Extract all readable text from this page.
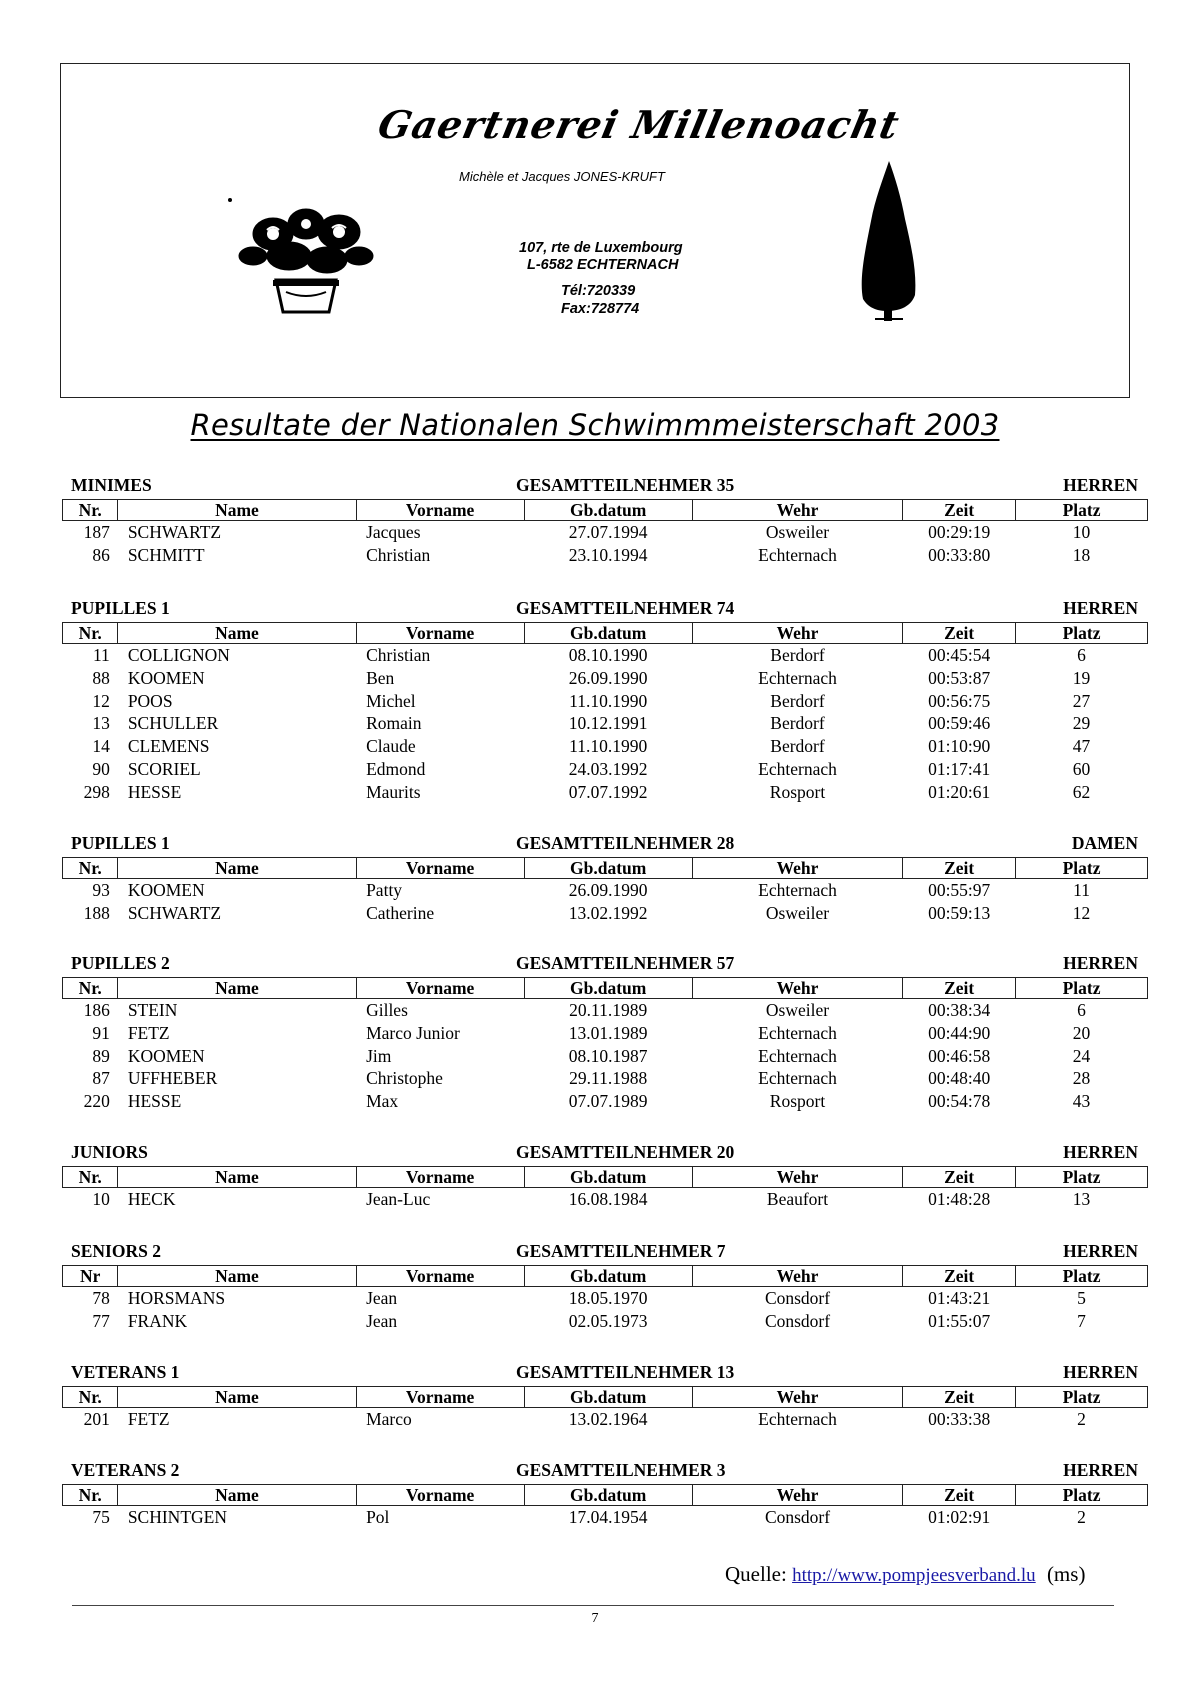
Gaertnerei Millenoacht
Michèle et Jacques JONES-KRUFT
107, rte de Luxembourg
L-6582 ECHTERNACH
Tél:720339
Fax:728774
Resultate der Nationalen Schwimmmeisterschaft 2003
MINIMES	GESAMTTEILNEHMER 35	HERREN
Nr.	Name	Vorname	Gb.datum	Wehr	Zeit	Platz
187	SCHWARTZ	Jacques	27.07.1994	Osweiler	00:29:19	10
86	SCHMITT	Christian	23.10.1994	Echternach	00:33:80	18
PUPILLES 1	GESAMTTEILNEHMER 74	HERREN
Nr.	Name	Vorname	Gb.datum	Wehr	Zeit	Platz
11	COLLIGNON	Christian	08.10.1990	Berdorf	00:45:54	6
88	KOOMEN	Ben	26.09.1990	Echternach	00:53:87	19
12	POOS	Michel	11.10.1990	Berdorf	00:56:75	27
13	SCHULLER	Romain	10.12.1991	Berdorf	00:59:46	29
14	CLEMENS	Claude	11.10.1990	Berdorf	01:10:90	47
90	SCORIEL	Edmond	24.03.1992	Echternach	01:17:41	60
298	HESSE	Maurits	07.07.1992	Rosport	01:20:61	62
PUPILLES 1	GESAMTTEILNEHMER 28	DAMEN
Nr.	Name	Vorname	Gb.datum	Wehr	Zeit	Platz
93	KOOMEN	Patty	26.09.1990	Echternach	00:55:97	11
188	SCHWARTZ	Catherine	13.02.1992	Osweiler	00:59:13	12
PUPILLES 2	GESAMTTEILNEHMER 57	HERREN
Nr.	Name	Vorname	Gb.datum	Wehr	Zeit	Platz
186	STEIN	Gilles	20.11.1989	Osweiler	00:38:34	6
91	FETZ	Marco Junior	13.01.1989	Echternach	00:44:90	20
89	KOOMEN	Jim	08.10.1987	Echternach	00:46:58	24
87	UFFHEBER	Christophe	29.11.1988	Echternach	00:48:40	28
220	HESSE	Max	07.07.1989	Rosport	00:54:78	43
JUNIORS	GESAMTTEILNEHMER 20	HERREN
Nr.	Name	Vorname	Gb.datum	Wehr	Zeit	Platz
10	HECK	Jean-Luc	16.08.1984	Beaufort	01:48:28	13
SENIORS 2	GESAMTTEILNEHMER 7	HERREN
Nr	Name	Vorname	Gb.datum	Wehr	Zeit	Platz
78	HORSMANS	Jean	18.05.1970	Consdorf	01:43:21	5
77	FRANK	Jean	02.05.1973	Consdorf	01:55:07	7
VETERANS 1	GESAMTTEILNEHMER 13	HERREN
Nr.	Name	Vorname	Gb.datum	Wehr	Zeit	Platz
201	FETZ	Marco	13.02.1964	Echternach	00:33:38	2
VETERANS 2	GESAMTTEILNEHMER 3	HERREN
Nr.	Name	Vorname	Gb.datum	Wehr	Zeit	Platz
75	SCHINTGEN	Pol	17.04.1954	Consdorf	01:02:91	2
Quelle: http://www.pompjeesverband.lu (ms)
7
